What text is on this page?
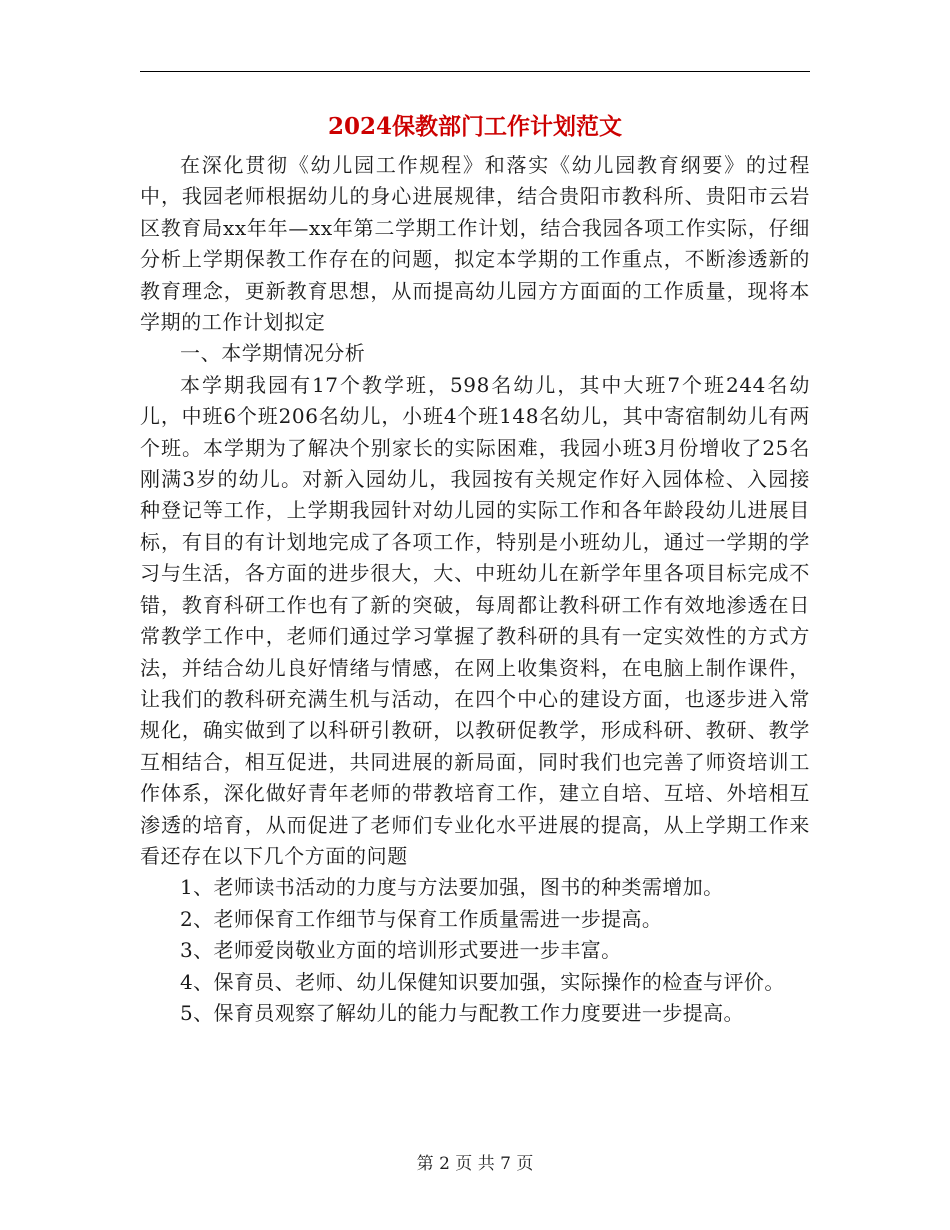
2024保教部门工作计划范文

在深化贯彻《幼儿园工作规程》和落实《幼儿园教育纲要》的过程中，我园老师根据幼儿的身心进展规律，结合贵阳市教科所、贵阳市云岩区教育局xx年年—xx年第二学期工作计划，结合我园各项工作实际，仔细分析上学期保教工作存在的问题，拟定本学期的工作重点，不断渗透新的教育理念，更新教育思想，从而提高幼儿园方方面面的工作质量，现将本学期的工作计划拟定

一、本学期情况分析

本学期我园有17个教学班，598名幼儿，其中大班7个班244名幼儿，中班6个班206名幼儿，小班4个班148名幼儿，其中寄宿制幼儿有两个班。本学期为了解决个别家长的实际困难，我园小班3月份增收了25名刚满3岁的幼儿。对新入园幼儿，我园按有关规定作好入园体检、入园接种登记等工作，上学期我园针对幼儿园的实际工作和各年龄段幼儿进展目标，有目的有计划地完成了各项工作，特别是小班幼儿，通过一学期的学习与生活，各方面的进步很大，大、中班幼儿在新学年里各项目标完成不错，教育科研工作也有了新的突破，每周都让教科研工作有效地渗透在日常教学工作中，老师们通过学习掌握了教科研的具有一定实效性的方式方法，并结合幼儿良好情绪与情感，在网上收集资料，在电脑上制作课件，让我们的教科研充满生机与活动，在四个中心的建设方面，也逐步进入常规化，确实做到了以科研引教研，以教研促教学，形成科研、教研、教学互相结合，相互促进，共同进展的新局面，同时我们也完善了师资培训工作体系，深化做好青年老师的带教培育工作，建立自培、互培、外培相互渗透的培育，从而促进了老师们专业化水平进展的提高，从上学期工作来看还存在以下几个方面的问题

1、老师读书活动的力度与方法要加强，图书的种类需增加。

2、老师保育工作细节与保育工作质量需进一步提高。

3、老师爱岗敬业方面的培训形式要进一步丰富。

4、保育员、老师、幼儿保健知识要加强，实际操作的检查与评价。

5、保育员观察了解幼儿的能力与配教工作力度要进一步提高。

第 2 页 共 7 页
